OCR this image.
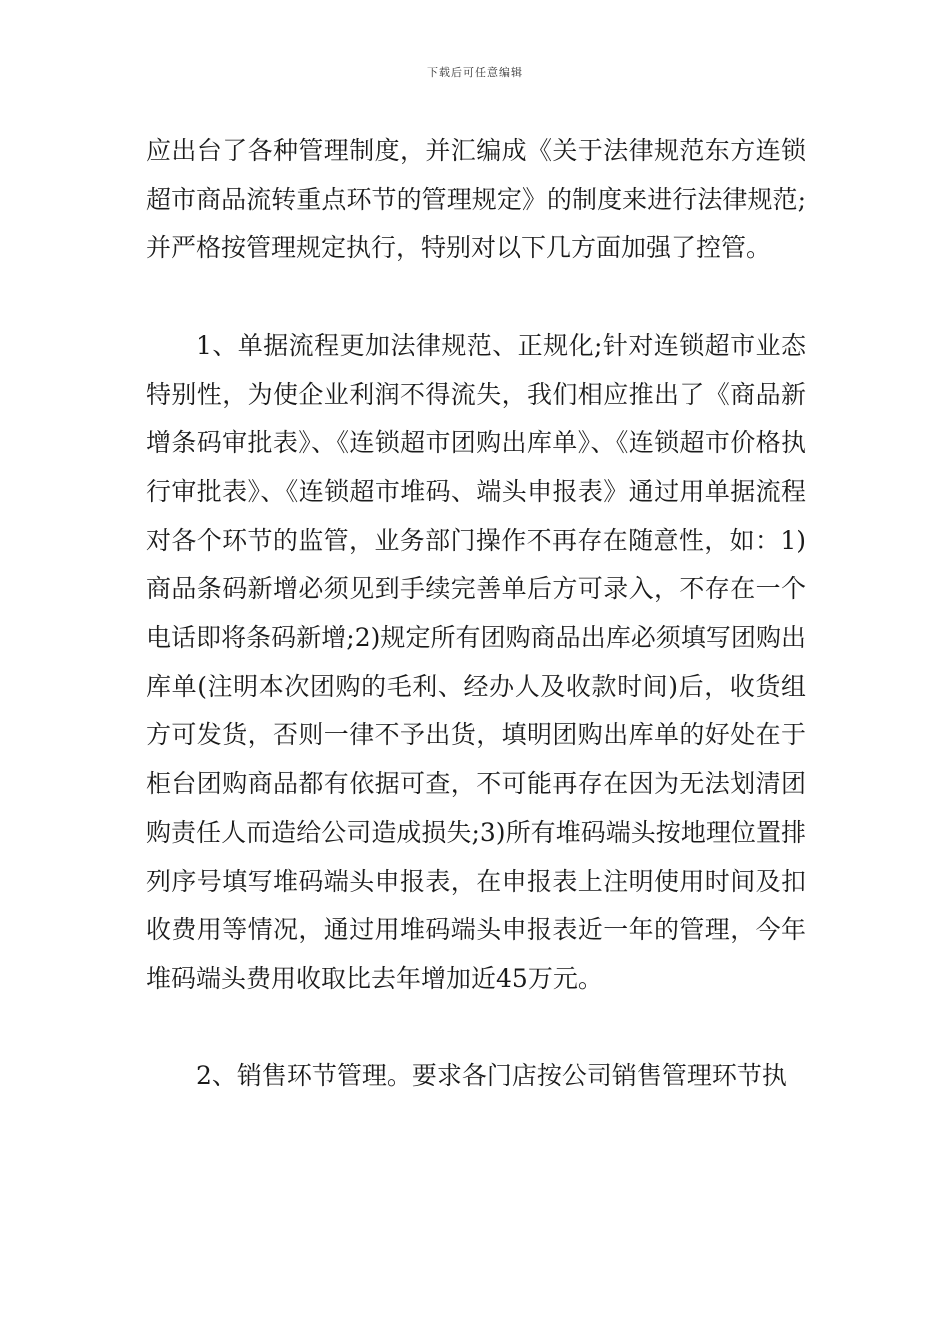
下载后可任意编辑

应出台了各种管理制度，并汇编成《关于法律规范东方连锁超市商品流转重点环节的管理规定》的制度来进行法律规范;并严格按管理规定执行，特别对以下几方面加强了控管。

1、单据流程更加法律规范、正规化;针对连锁超市业态特别性，为使企业利润不得流失，我们相应推出了《商品新增条码审批表》、《连锁超市团购出库单》、《连锁超市价格执行审批表》、《连锁超市堆码、端头申报表》通过用单据流程对各个环节的监管，业务部门操作不再存在随意性，如：1)商品条码新增必须见到手续完善单后方可录入，不存在一个电话即将条码新增;2)规定所有团购商品出库必须填写团购出库单(注明本次团购的毛利、经办人及收款时间)后，收货组方可发货，否则一律不予出货，填明团购出库单的好处在于柜台团购商品都有依据可查，不可能再存在因为无法划清团购责任人而造给公司造成损失;3)所有堆码端头按地理位置排列序号填写堆码端头申报表，在申报表上注明使用时间及扣收费用等情况，通过用堆码端头申报表近一年的管理，今年堆码端头费用收取比去年增加近45万元。

2、销售环节管理。要求各门店按公司销售管理环节执
